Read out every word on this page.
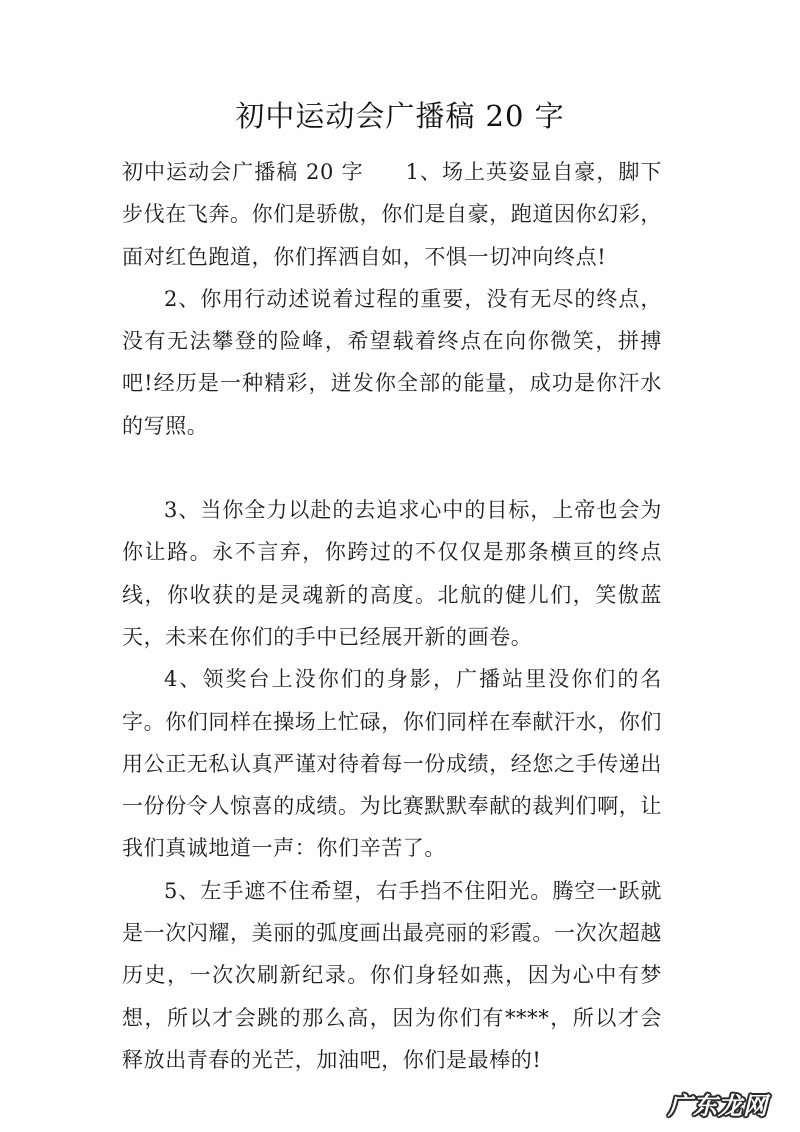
初中运动会广播稿 20 字

初中运动会广播稿 20 字 1、场上英姿显自豪，脚下步伐在飞奔。你们是骄傲，你们是自豪，跑道因你幻彩，面对红色跑道，你们挥洒自如，不惧一切冲向终点!

2、你用行动述说着过程的重要，没有无尽的终点，没有无法攀登的险峰，希望载着终点在向你微笑，拼搏吧!经历是一种精彩，迸发你全部的能量，成功是你汗水的写照。

3、当你全力以赴的去追求心中的目标，上帝也会为你让路。永不言弃，你跨过的不仅仅是那条横亘的终点线，你收获的是灵魂新的高度。北航的健儿们，笑傲蓝天，未来在你们的手中已经展开新的画卷。

4、领奖台上没你们的身影，广播站里没你们的名字。你们同样在操场上忙碌，你们同样在奉献汗水，你们用公正无私认真严谨对待着每一份成绩，经您之手传递出一份份令人惊喜的成绩。为比赛默默奉献的裁判们啊，让我们真诚地道一声：你们辛苦了。

5、左手遮不住希望，右手挡不住阳光。腾空一跃就是一次闪耀，美丽的弧度画出最亮丽的彩霞。一次次超越历史，一次次刷新纪录。你们身轻如燕，因为心中有梦想，所以才会跳的那么高，因为你们有****，所以才会释放出青春的光芒，加油吧，你们是最棒的!

广东龙网
